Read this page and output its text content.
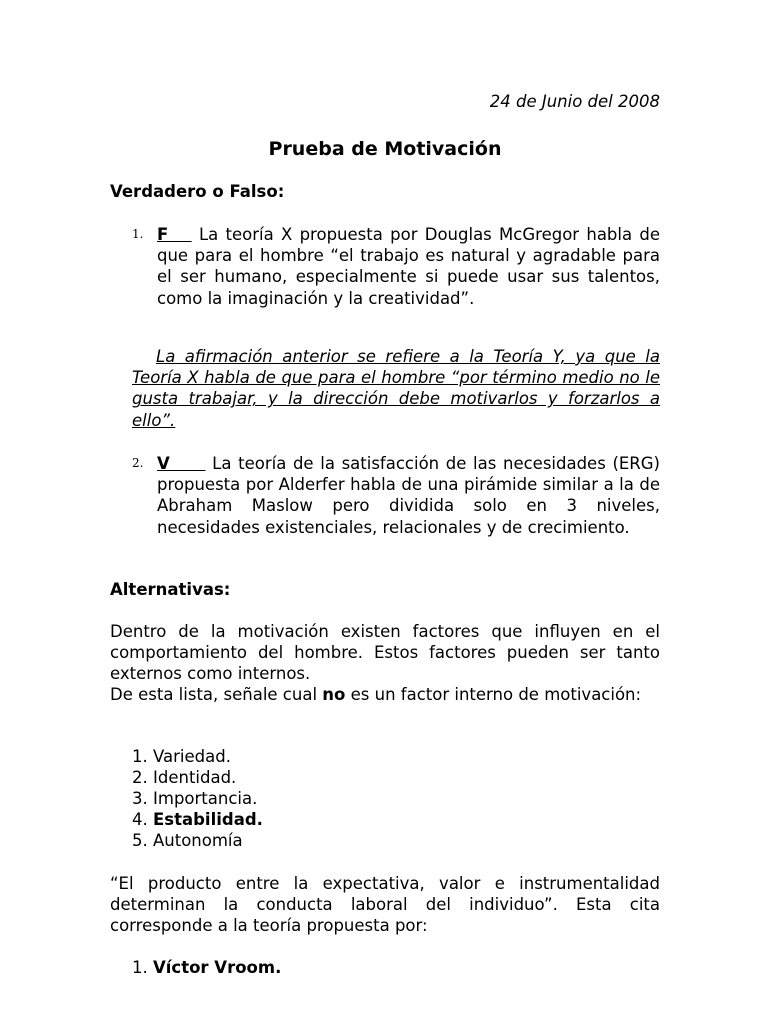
24 de Junio del 2008
Prueba de Motivación
Verdadero o Falso:
1. F La teoría X propuesta por Douglas McGregor habla de que para el hombre “el trabajo es natural y agradable para el ser humano, especialmente si puede usar sus talentos, como la imaginación y la creatividad”.
La afirmación anterior se refiere a la Teoría Y, ya que la Teoría X habla de que para el hombre “por término medio no le gusta trabajar, y la dirección debe motivarlos y forzarlos a ello”.
2. V	La teoría de la satisfacción de las necesidades (ERG) propuesta por Alderfer habla de una pirámide similar a la de Abraham Maslow pero dividida solo en 3 niveles, necesidades existenciales, relacionales y de crecimiento.
Alternativas:
Dentro de la motivación existen factores que influyen en el comportamiento del hombre. Estos factores pueden ser tanto externos como internos.
De esta lista, señale cual no es un factor interno de motivación:
1. Variedad.
2. Identidad.
3. Importancia.
4. Estabilidad.
5. Autonomía
“El producto entre la expectativa, valor e instrumentalidad determinan la conducta laboral del individuo”. Esta cita corresponde a la teoría propuesta por:
1. Víctor Vroom.
